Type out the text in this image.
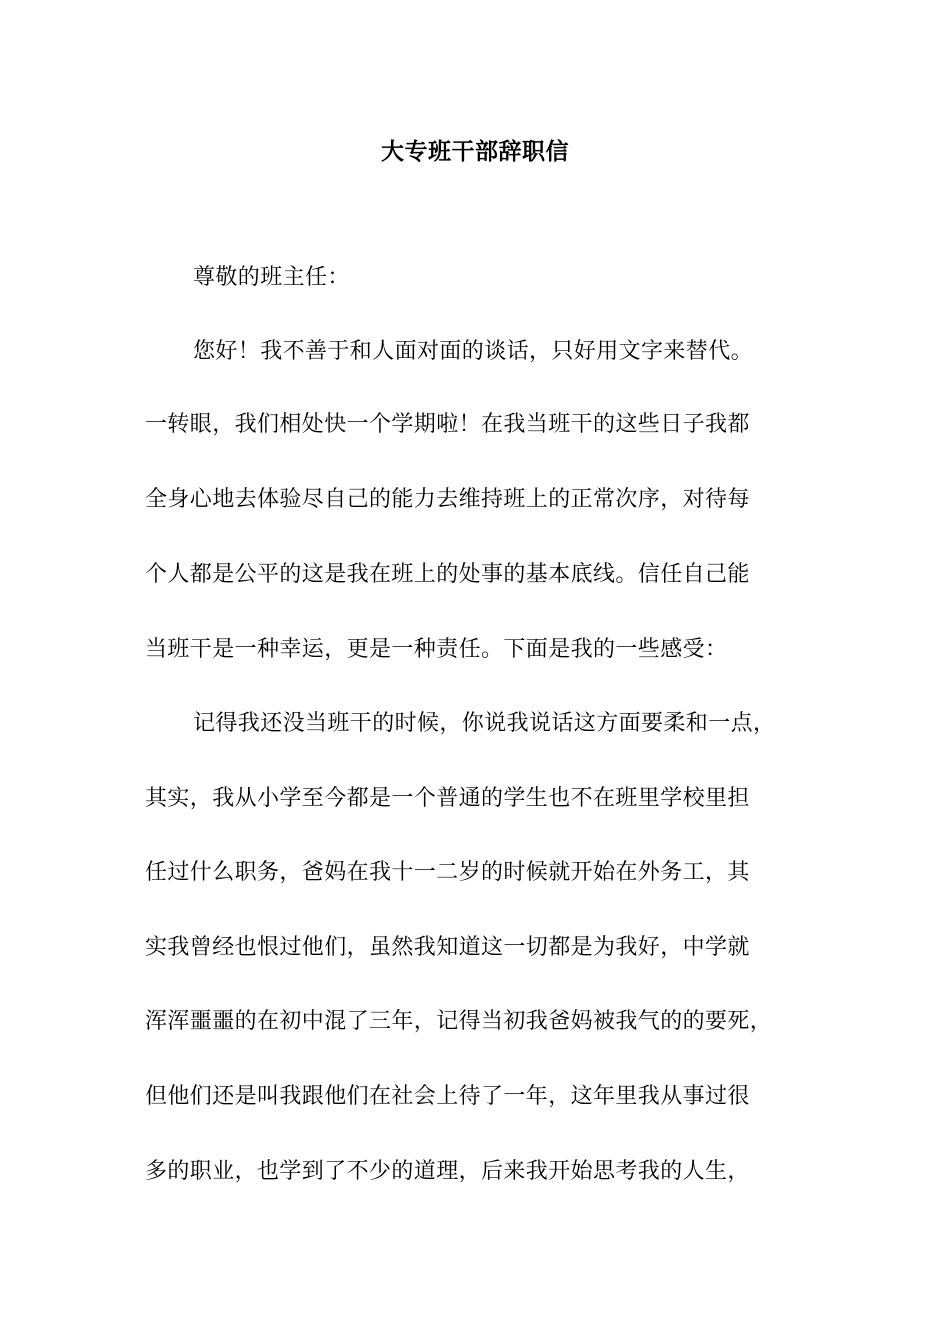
大专班干部辞职信
尊敬的班主任：
您好！我不善于和人面对面的谈话，只好用文字来替代。
一转眼，我们相处快一个学期啦！在我当班干的这些日子我都
全身心地去体验尽自己的能力去维持班上的正常次序，对待每
个人都是公平的这是我在班上的处事的基本底线。信任自己能
当班干是一种幸运，更是一种责任。下面是我的一些感受：
记得我还没当班干的时候，你说我说话这方面要柔和一点，
其实，我从小学至今都是一个普通的学生也不在班里学校里担
任过什么职务，爸妈在我十一二岁的时候就开始在外务工，其
实我曾经也恨过他们，虽然我知道这一切都是为我好，中学就
浑浑噩噩的在初中混了三年，记得当初我爸妈被我气的的要死，
但他们还是叫我跟他们在社会上待了一年，这年里我从事过很
多的职业，也学到了不少的道理，后来我开始思考我的人生，
